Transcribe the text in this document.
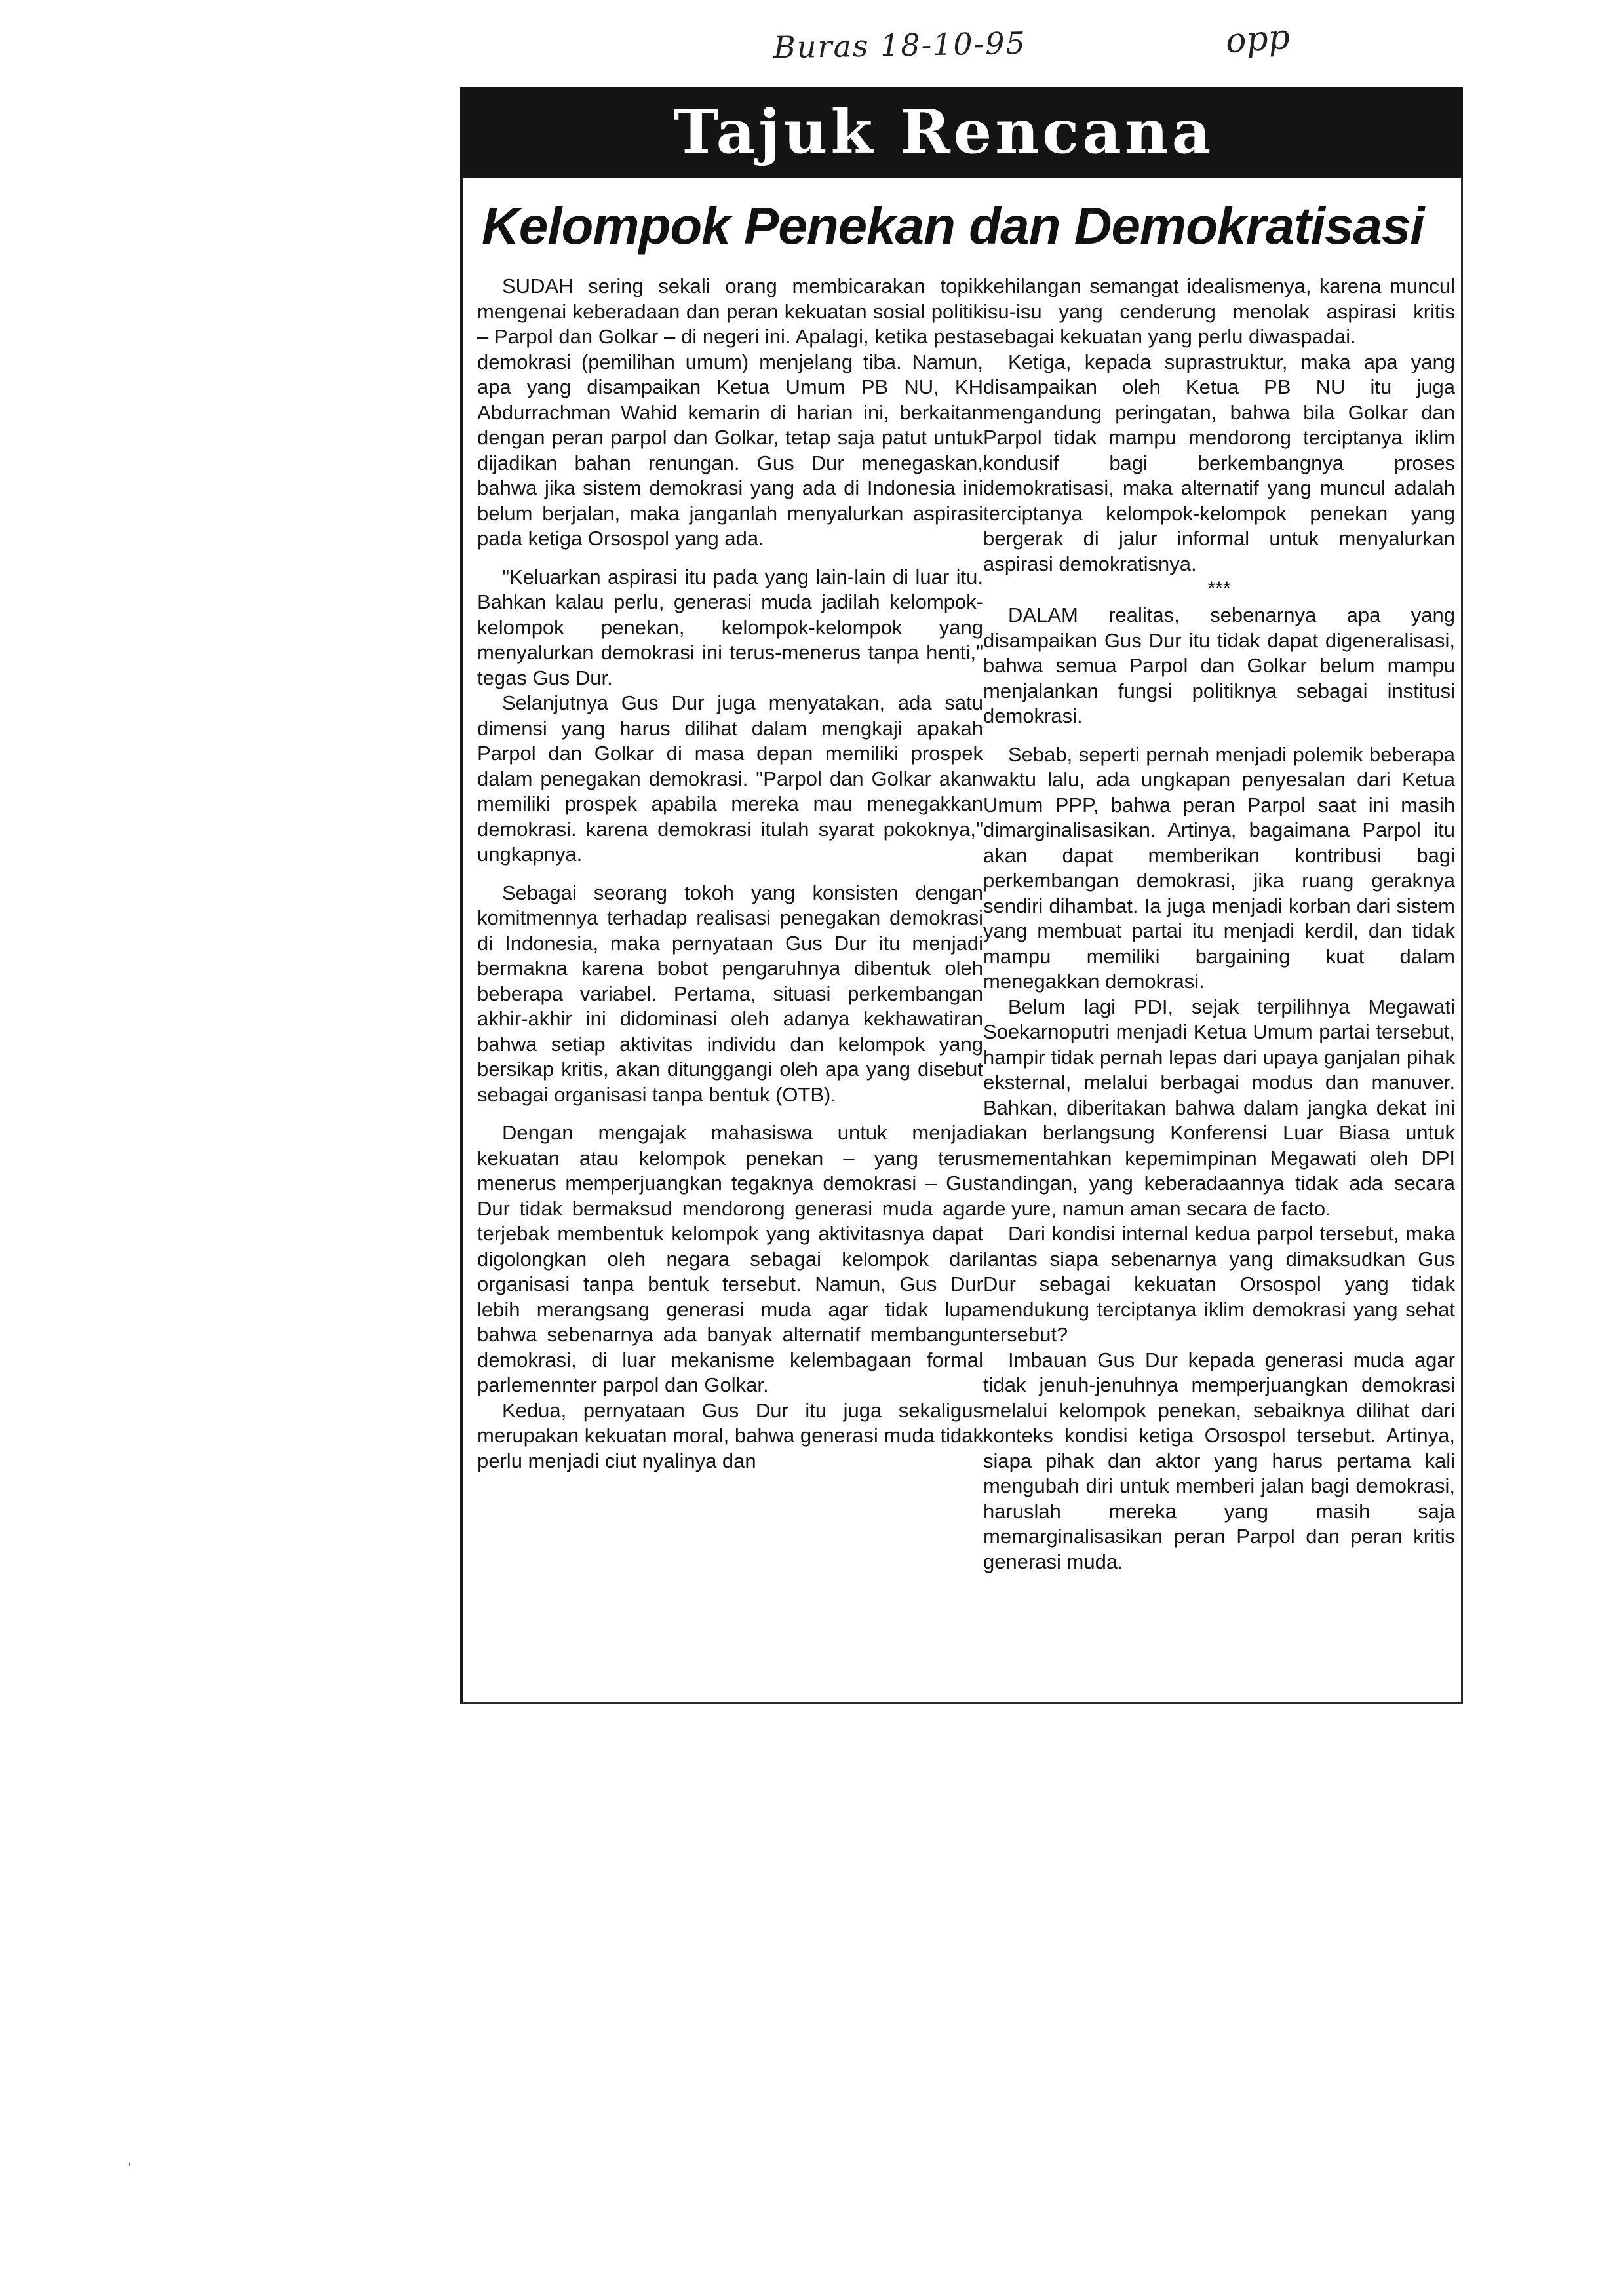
Buras 18-10-95	opp
Tajuk Rencana
Kelompok Penekan dan Demokratisasi

SUDAH sering sekali orang membicarakan topik mengenai keberadaan dan peran kekuatan sosial politik – Parpol dan Golkar – di negeri ini. Apalagi, ketika pesta demokrasi (pemilihan umum) menjelang tiba. Namun, apa yang disampaikan Ketua Umum PB NU, KH Abdurrachman Wahid kemarin di harian ini, berkaitan dengan peran parpol dan Golkar, tetap saja patut untuk dijadikan bahan renungan. Gus Dur menegaskan, bahwa jika sistem demokrasi yang ada di Indonesia ini belum berjalan, maka janganlah menyalurkan aspirasi pada ketiga Orsospol yang ada.

"Keluarkan aspirasi itu pada yang lain-lain di luar itu. Bahkan kalau perlu, generasi muda jadilah kelompok-kelompok penekan, kelompok-kelompok yang menyalurkan demokrasi ini terus-menerus tanpa henti," tegas Gus Dur.

Selanjutnya Gus Dur juga menyatakan, ada satu dimensi yang harus dilihat dalam mengkaji apakah Parpol dan Golkar di masa depan memiliki prospek dalam penegakan demokrasi. "Parpol dan Golkar akan memiliki prospek apabila mereka mau menegakkan demokrasi. karena demokrasi itulah syarat pokoknya," ungkapnya.

Sebagai seorang tokoh yang konsisten dengan komitmennya terhadap realisasi penegakan demokrasi di Indonesia, maka pernyataan Gus Dur itu menjadi bermakna karena bobot pengaruhnya dibentuk oleh beberapa variabel. Pertama, situasi perkembangan akhir-akhir ini didominasi oleh adanya kekhawatiran bahwa setiap aktivitas individu dan kelompok yang bersikap kritis, akan ditunggangi oleh apa yang disebut sebagai organisasi tanpa bentuk (OTB).

Dengan mengajak mahasiswa untuk menjadi kekuatan atau kelompok penekan – yang terus menerus memperjuangkan tegaknya demokrasi – Gus Dur tidak bermaksud mendorong generasi muda agar terjebak membentuk kelompok yang aktivitasnya dapat digolongkan oleh negara sebagai kelompok dari organisasi tanpa bentuk tersebut. Namun, Gus Dur lebih merangsang generasi muda agar tidak lupa bahwa sebenarnya ada banyak alternatif membangun demokrasi, di luar mekanisme kelembagaan formal parlemennter parpol dan Golkar.

Kedua, pernyataan Gus Dur itu juga sekaligus merupakan kekuatan moral, bahwa generasi muda tidak perlu menjadi ciut nyalinya dan

kehilangan semangat idealismenya, karena muncul isu-isu yang cenderung menolak aspirasi kritis sebagai kekuatan yang perlu diwaspadai.

Ketiga, kepada suprastruktur, maka apa yang disampaikan oleh Ketua PB NU itu juga mengandung peringatan, bahwa bila Golkar dan Parpol tidak mampu mendorong terciptanya iklim kondusif bagi berkembangnya proses demokratisasi, maka alternatif yang muncul adalah terciptanya kelompok-kelompok penekan yang bergerak di jalur informal untuk menyalurkan aspirasi demokratisnya.

***

DALAM realitas, sebenarnya apa yang disampaikan Gus Dur itu tidak dapat digeneralisasi, bahwa semua Parpol dan Golkar belum mampu menjalankan fungsi politiknya sebagai institusi demokrasi.

Sebab, seperti pernah menjadi polemik beberapa waktu lalu, ada ungkapan penyesalan dari Ketua Umum PPP, bahwa peran Parpol saat ini masih dimarginalisasikan. Artinya, bagaimana Parpol itu akan dapat memberikan kontribusi bagi perkembangan demokrasi, jika ruang geraknya sendiri dihambat. Ia juga menjadi korban dari sistem yang membuat partai itu menjadi kerdil, dan tidak mampu memiliki bargaining kuat dalam menegakkan demokrasi.

Belum lagi PDI, sejak terpilihnya Megawati Soekarnoputri menjadi Ketua Umum partai tersebut, hampir tidak pernah lepas dari upaya ganjalan pihak eksternal, melalui berbagai modus dan manuver. Bahkan, diberitakan bahwa dalam jangka dekat ini akan berlangsung Konferensi Luar Biasa untuk mementahkan kepemimpinan Megawati oleh DPI tandingan, yang keberadaannya tidak ada secara de yure, namun aman secara de facto.

Dari kondisi internal kedua parpol tersebut, maka lantas siapa sebenarnya yang dimaksudkan Gus Dur sebagai kekuatan Orsospol yang tidak mendukung terciptanya iklim demokrasi yang sehat tersebut?

Imbauan Gus Dur kepada generasi muda agar tidak jenuh-jenuhnya memperjuangkan demokrasi melalui kelompok penekan, sebaiknya dilihat dari konteks kondisi ketiga Orsospol tersebut. Artinya, siapa pihak dan aktor yang harus pertama kali mengubah diri untuk memberi jalan bagi demokrasi, haruslah mereka yang masih saja memarginalisasikan peran Parpol dan peran kritis generasi muda.

'
